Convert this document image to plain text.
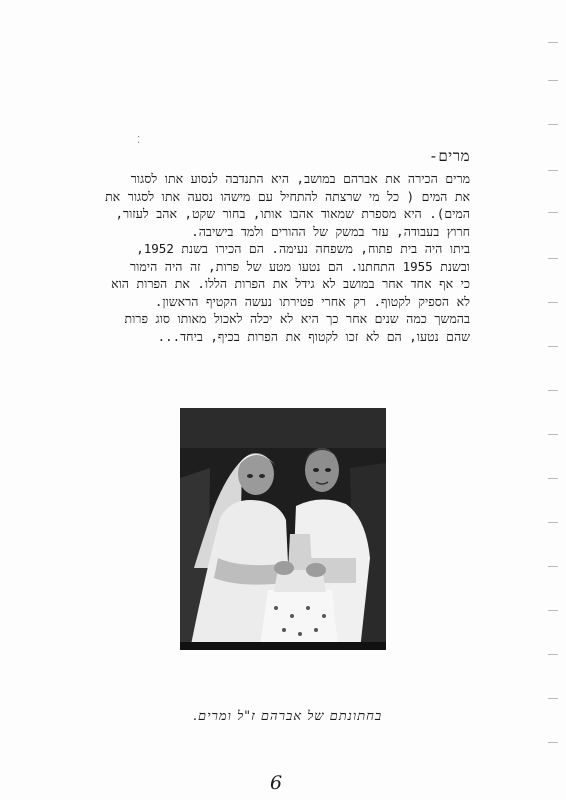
⁚
מרים-

מרים הכירה את אברהם במושב, היא התנדבה לנסוע אתו לסגור

את המים ( כל מי שרצתה להתחיל עם מישהו נסעה אתו לסגור את

המים). היא מספרת שמאוד אהבו אותו, בחור שקט, אהב לעזור,

חרוץ בעבודה, עזר במשק של ההורים ולמד בישיבה.

ביתו היה בית פתוח, משפחה נעימה. הם הכירו בשנת 1952,

ובשנת 1955 התחתנו. הם נטעו מטע של פרות, זה היה הימור

כי אף אחד אחר במושב לא גידל את הפרות הללו. את הפרות הוא

לא הספיק לקטוף. רק אחרי פטירתו נעשה הקטיף הראשון.

בהמשך כמה שנים אחר כך היא לא יכלה לאכול מאותו סוג פרות

שהם נטעו, הם לא זכו לקטוף את הפרות בכיף, ביחד...

בחתונתם של אברהם ז"ל ומרים.
6
